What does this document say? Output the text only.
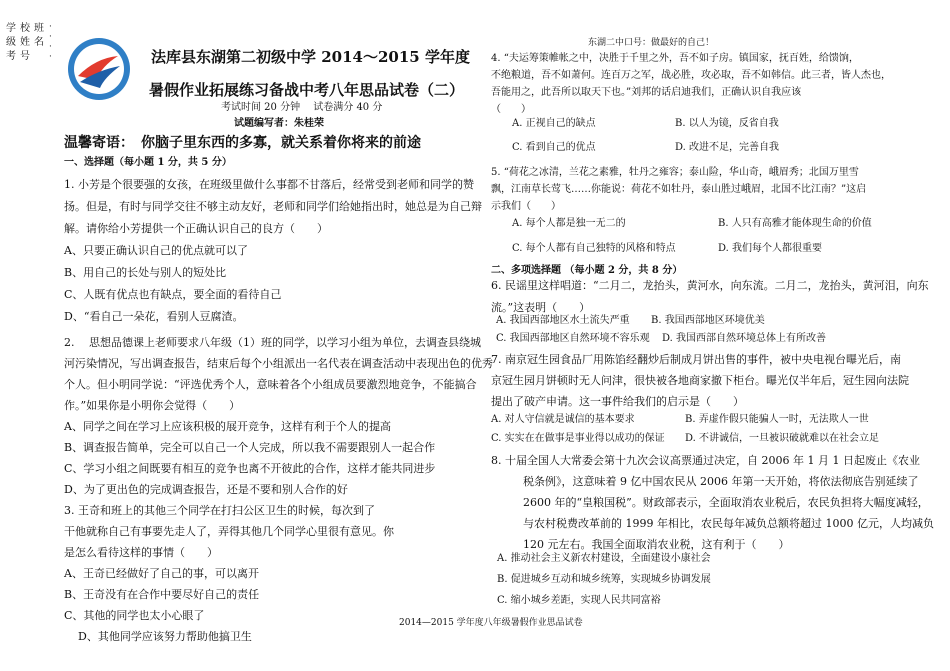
学
级
考
校
姓
号
班
名
·
·
·
·	法库县东湖第二初级中学 2014～2015 学年度
暑假作业拓展练习备战中考八年思品试卷（二）
考试时间 20 分钟　 试卷满分 40 分
试题编写者：朱桂荣
温馨寄语：　你脑子里东西的多寡，就关系着你将来的前途
一、选择题（每小题 1 分，共 5 分）
1. 小芳是个很要强的女孩，在班级里做什么事都不甘落后，经常受到老师和同学的赞
扬。但是，有时与同学交往不够主动友好，老师和同学们给她指出时，她总是为自己辩
解。请你给小芳提供一个正确认识自己的良方（　　）
A、只要正确认识自己的优点就可以了
B、用自己的长处与别人的短处比
C、人既有优点也有缺点，要全面的看待自己
D、“看自己一朵花，看别人豆腐渣。
2.　 思想品德课上老师要求八年级（1）班的同学，以学习小组为单位，去调查县绕城
河污染情况，写出调查报告，结束后每个小组派出一名代表在调查活动中表现出色的优秀
个人。但小明同学说：“评选优秀个人，意味着各个小组成员要激烈地竞争，不能搞合
作。”如果你是小明你会觉得（　　）
A、同学之间在学习上应该积极的展开竞争，这样有利于个人的提高
B、调查报告简单，完全可以自己一个人完成，所以我不需要跟别人一起合作
C、学习小组之间既要有相互的竞争也离不开彼此的合作，这样才能共同进步
D、为了更出色的完成调查报告，还是不要和别人合作的好
3. 王奇和班上的其他三个同学在打扫公区卫生的时候，每次到了
干他就称自己有事要先走人了，弄得其他几个同学心里很有意见。你
是怎么看待这样的事情（　　）
A、王奇已经做好了自己的事，可以离开
B、王奇没有在合作中要尽好自己的责任
C、其他的同学也太小心眼了
D、其他同学应该努力帮助他搞卫生
东湖二中口号：做最好的自己！
4. “夫运筹策帷帐之中，决胜于千里之外，吾不如子房。镇国家，抚百姓，给馈饷，
不绝粮道，吾不如萧何。连百万之军，战必胜，攻必取，吾不如韩信。此三者，皆人杰也，
吾能用之，此吾所以取天下也。”刘邦的话启迪我们，正确认识自我应该
（　　）
A. 正视自己的缺点	B. 以人为镜，反省自我
C. 看到自己的优点	D. 改进不足，完善自我
5. “荷花之冰清，兰花之素雅，牡丹之雍容；泰山险，华山奇，峨眉秀；北国万里雪
飘，江南草长莺飞……你能说：荷花不如牡丹，泰山胜过峨眉，北国不比江南？”这启
示我们（　　）
A. 每个人都是独一无二的	B. 人只有高雅才能体现生命的价值
C. 每个人都有自己独特的风格和特点	D. 我们每个人都很重要
二、多项选择题 （每小题 2 分，共 8 分）
6. 民谣里这样唱道：“二月二，龙抬头，黄河水，向东流。二月二，龙抬头，黄河泪，向东
流。”这表明（　　）
A. 我国西部地区水土流失严重 B. 我国西部地区环境优美
C. 我国西部地区自然环境不容乐观 D. 我国西部自然环境总体上有所改善
7. 南京冠生园食品厂用陈馅经翻炒后制成月饼出售的事件，被中央电视台曝光后，南
京冠生园月饼顿时无人问津，很快被各地商家撤下柜台。曝光仅半年后，冠生园向法院
提出了破产申请。这一事件给我们的启示是（　　）
A. 对人守信就是诚信的基本要求	B. 弄虚作假只能骗人一时，无法欺人一世
C. 实实在在做事是事业得以成功的保证 D. 不讲诚信，一旦被识破就难以在社会立足
8. 十届全国人大常委会第十九次会议高票通过决定，自 2006 年 1 月 1 日起废止《农业
税条例》，这意味着 9 亿中国农民从 2006 年第一天开始，将依法彻底告别延续了
2600 年的“皇粮国税”。财政部表示，全面取消农业税后，农民负担将大幅度减轻，
与农村税费改革前的 1999 年相比，农民每年减负总额将超过 1000 亿元，人均减负
120 元左右。我国全面取消农业税，这有利于（　　）
A. 推动社会主义新农村建设，全面建设小康社会
B. 促进城乡互动和城乡统筹，实现城乡协调发展
C. 缩小城乡差距，实现人民共同富裕
2014—2015 学年度八年级暑假作业思品试卷
